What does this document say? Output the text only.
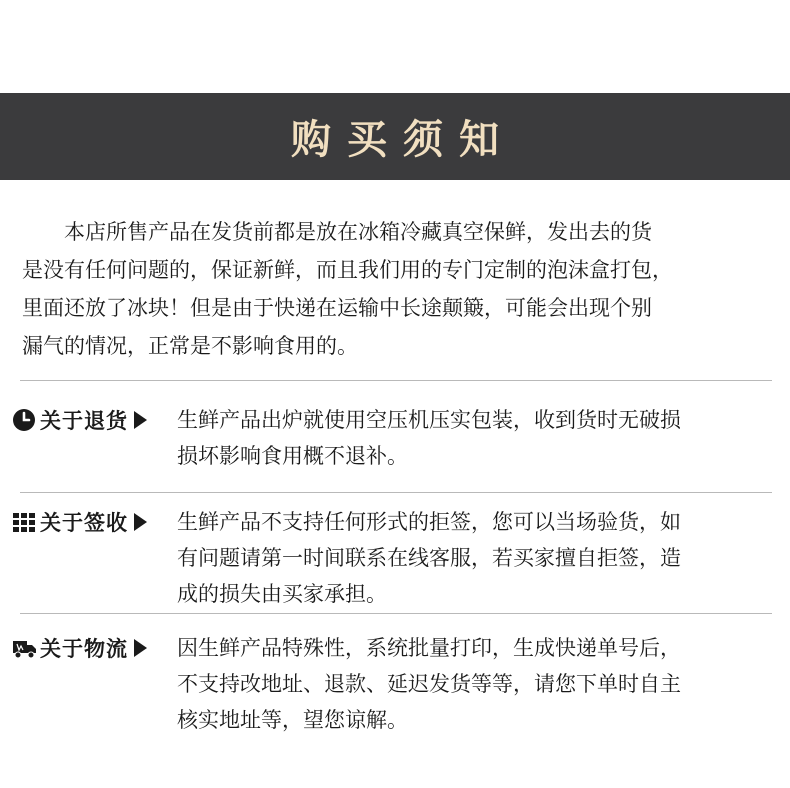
购买须知
本店所售产品在发货前都是放在冰箱冷藏真空保鲜，发出去的货
是没有任何问题的，保证新鲜，而且我们用的专门定制的泡沫盒打包，
里面还放了冰块！但是由于快递在运输中长途颠簸，可能会出现个别
漏气的情况，正常是不影响食用的。
关于退货 生鲜产品出炉就使用空压机压实包装，收到货时无破损
损坏影响食用概不退补。
关于签收 生鲜产品不支持任何形式的拒签，您可以当场验货，如
有问题请第一时间联系在线客服，若买家擅自拒签，造
成的损失由买家承担。
关于物流 因生鲜产品特殊性，系统批量打印，生成快递单号后，
不支持改地址、退款、延迟发货等等，请您下单时自主
核实地址等，望您谅解。
